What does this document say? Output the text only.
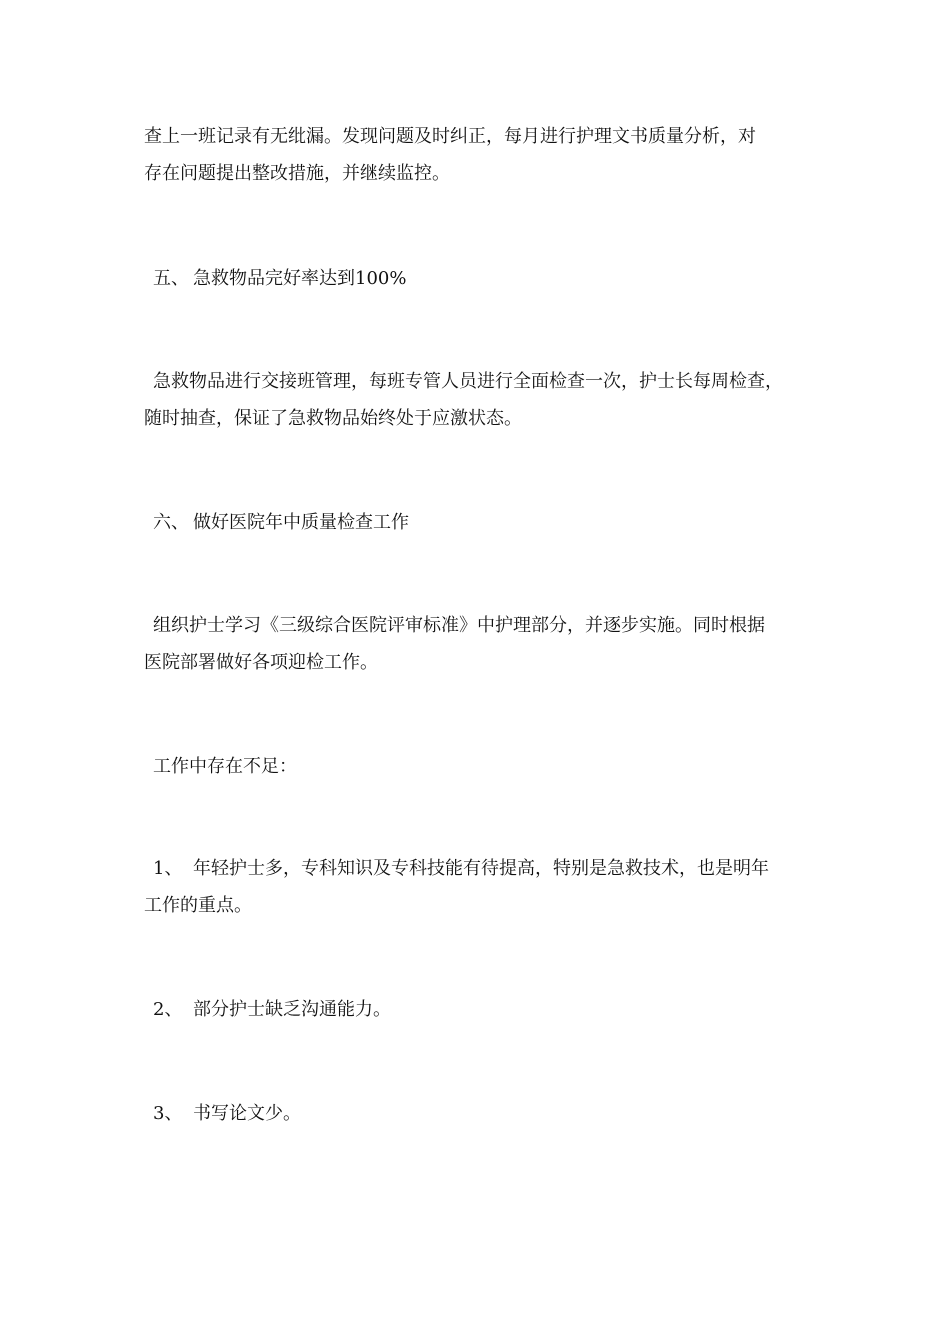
查上一班记录有无纰漏。发现问题及时纠正，每月进行护理文书质量分析，对
存在问题提出整改措施，并继续监控。
五、 急救物品完好率达到100%
急救物品进行交接班管理，每班专管人员进行全面检查一次，护士长每周检查，
随时抽查，保证了急救物品始终处于应激状态。
六、 做好医院年中质量检查工作
组织护士学习《三级综合医院评审标准》中护理部分，并逐步实施。同时根据
医院部署做好各项迎检工作。
工作中存在不足：
1、 年轻护士多，专科知识及专科技能有待提高，特别是急救技术，也是明年
工作的重点。
2、 部分护士缺乏沟通能力。
3、 书写论文少。
